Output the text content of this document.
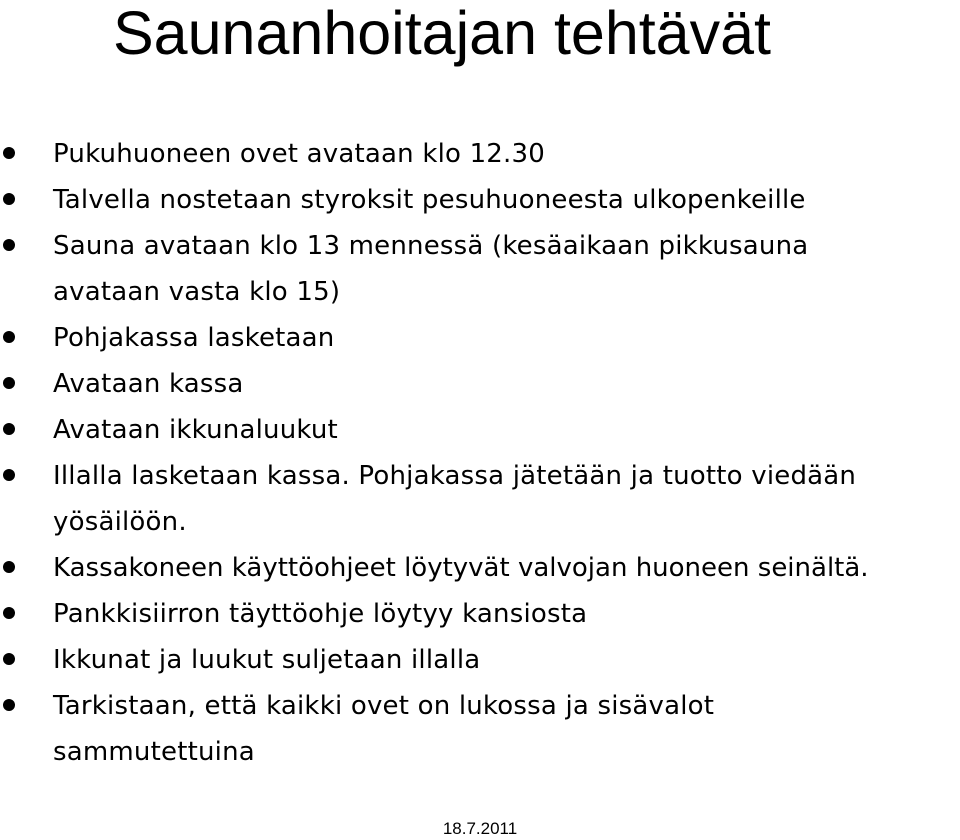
Saunanhoitajan tehtävät
Pukuhuoneen ovet avataan klo 12.30
Talvella nostetaan styroksit pesuhuoneesta ulkopenkeille
Sauna avataan klo 13 mennessä (kesäaikaan pikkusauna avataan vasta klo 15)
Pohjakassa lasketaan
Avataan kassa
Avataan ikkunaluukut
Illalla lasketaan kassa. Pohjakassa jätetään ja tuotto viedään yösäilöön.
Kassakoneen käyttöohjeet löytyvät valvojan huoneen seinältä.
Pankkisiirron täyttöohje löytyy kansiosta
Ikkunat ja luukut suljetaan illalla
Tarkistaan, että kaikki ovet on lukossa ja sisävalot sammutettuina
18.7.2011
